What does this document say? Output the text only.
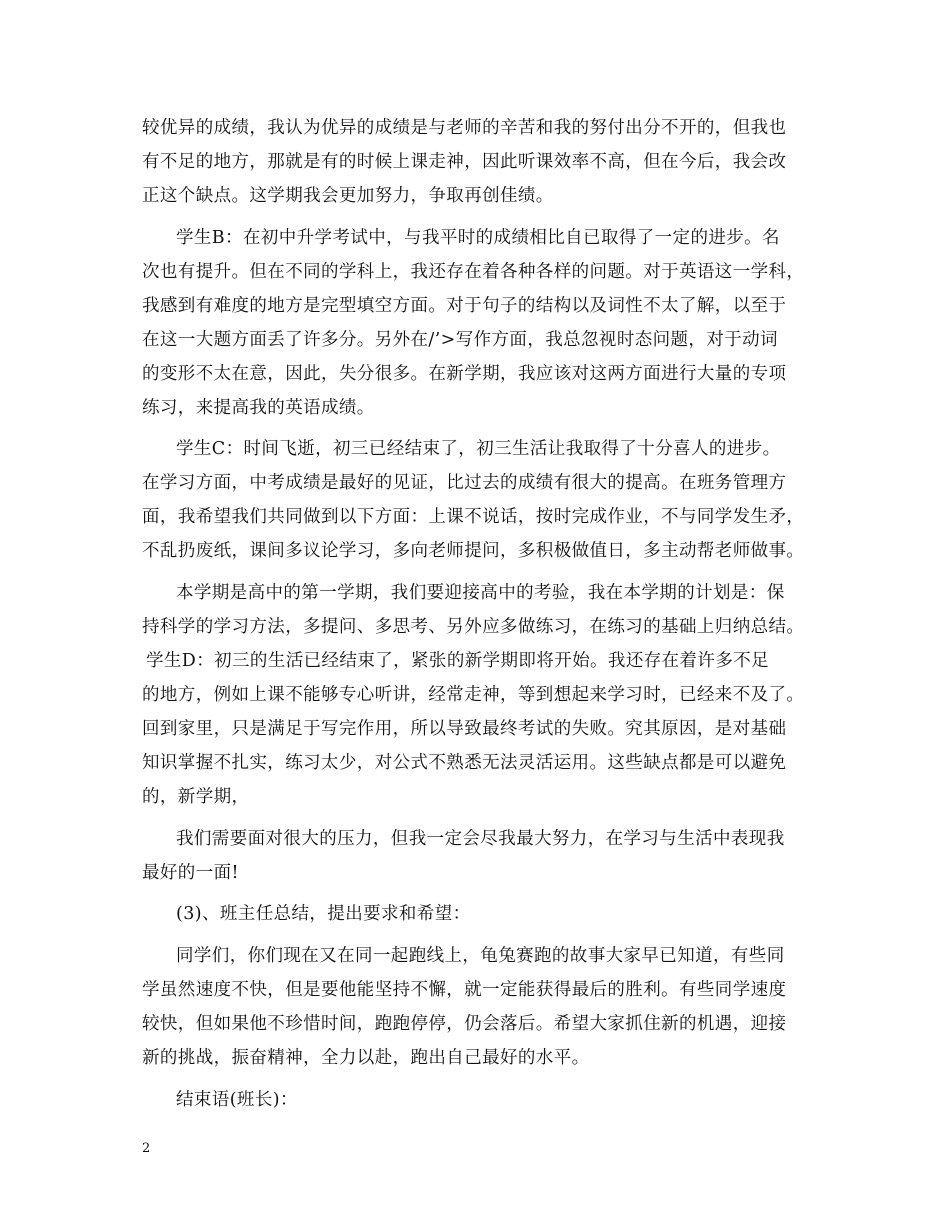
较优异的成绩，我认为优异的成绩是与老师的辛苦和我的努付出分不开的，但我也
有不足的地方，那就是有的时候上课走神，因此听课效率不高，但在今后，我会改
正这个缺点。这学期我会更加努力，争取再创佳绩。
学生B：在初中升学考试中，与我平时的成绩相比自已取得了一定的进步。名
次也有提升。但在不同的学科上，我还存在着各种各样的问题。对于英语这一学科，
我感到有难度的地方是完型填空方面。对于句子的结构以及词性不太了解，以至于
在这一大题方面丢了许多分。另外在/’>写作方面，我总忽视时态问题，对于动词
的变形不太在意，因此，失分很多。在新学期，我应该对这两方面进行大量的专项
练习，来提高我的英语成绩。
学生C：时间飞逝，初三已经结束了，初三生活让我取得了十分喜人的进步。
在学习方面，中考成绩是最好的见证，比过去的成绩有很大的提高。在班务管理方
面，我希望我们共同做到以下方面：上课不说话，按时完成作业，不与同学发生矛，
不乱扔废纸，课间多议论学习，多向老师提问，多积极做值日，多主动帮老师做事。
本学期是高中的第一学期，我们要迎接高中的考验，我在本学期的计划是：保
持科学的学习方法，多提问、多思考、另外应多做练习，在练习的基础上归纳总结。
学生D：初三的生活已经结束了，紧张的新学期即将开始。我还存在着许多不足
的地方，例如上课不能够专心听讲，经常走神，等到想起来学习时，已经来不及了。
回到家里，只是满足于写完作用，所以导致最终考试的失败。究其原因，是对基础
知识掌握不扎实，练习太少，对公式不熟悉无法灵活运用。这些缺点都是可以避免
的，新学期，
我们需要面对很大的压力，但我一定会尽我最大努力，在学习与生活中表现我
最好的一面!
(3)、班主任总结，提出要求和希望：
同学们，你们现在又在同一起跑线上，龟兔赛跑的故事大家早已知道，有些同
学虽然速度不快，但是要他能坚持不懈，就一定能获得最后的胜利。有些同学速度
较快，但如果他不珍惜时间，跑跑停停，仍会落后。希望大家抓住新的机遇，迎接
新的挑战，振奋精神，全力以赴，跑出自己最好的水平。
结束语(班长)：
2
